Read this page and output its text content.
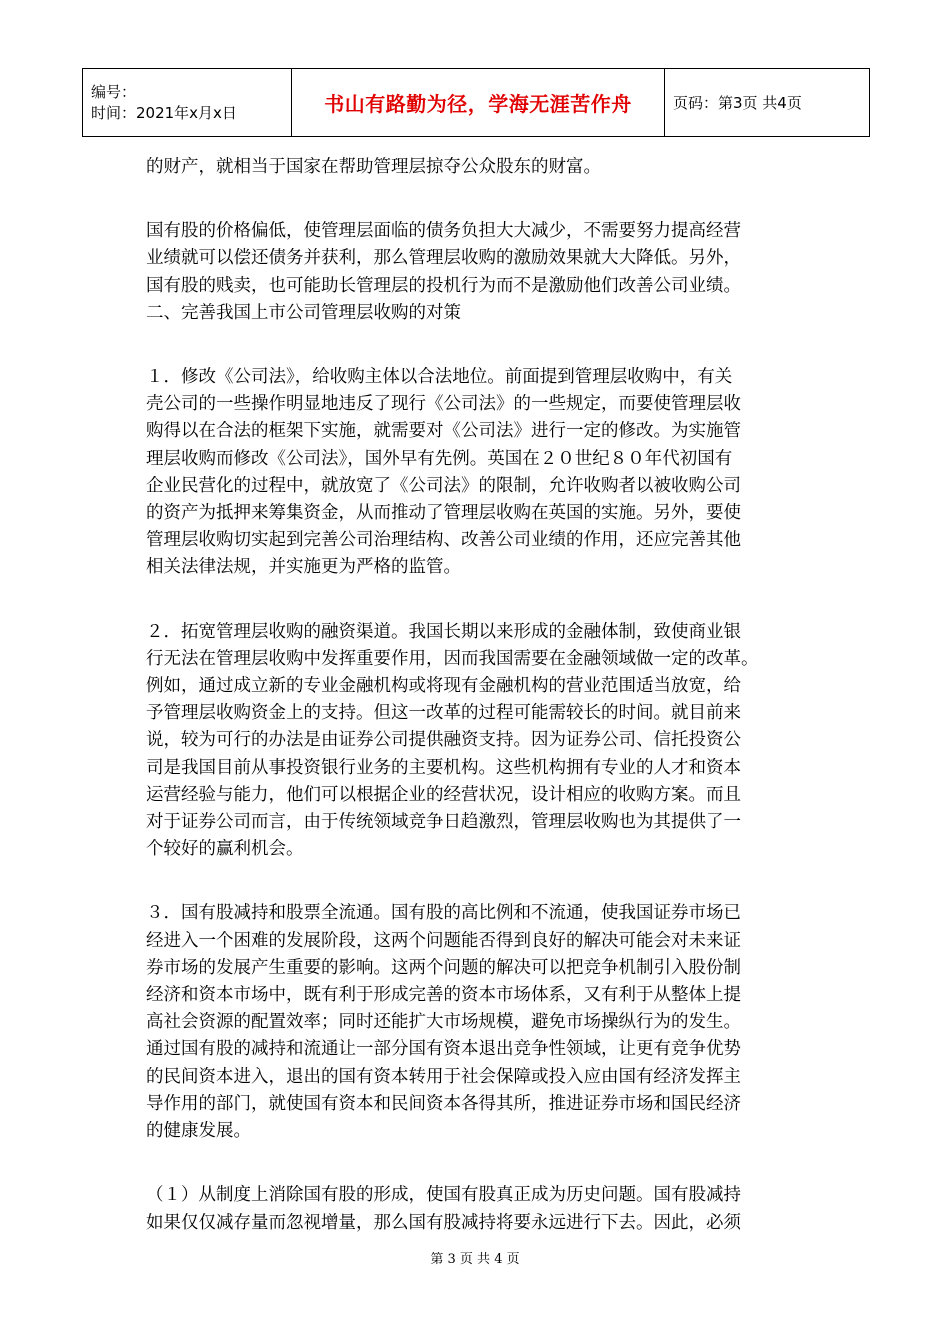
编号：
时间：2021年x月x日	书山有路勤为径，学海无涯苦作舟	页码：第3页 共4页

的财产，就相当于国家在帮助管理层掠夺公众股东的财富。

国有股的价格偏低，使管理层面临的债务负担大大减少，不需要努力提高经营
业绩就可以偿还债务并获利，那么管理层收购的激励效果就大大降低。另外，
国有股的贱卖，也可能助长管理层的投机行为而不是激励他们改善公司业绩。
二、完善我国上市公司管理层收购的对策

１．修改《公司法》，给收购主体以合法地位。前面提到管理层收购中，有关
壳公司的一些操作明显地违反了现行《公司法》的一些规定，而要使管理层收
购得以在合法的框架下实施，就需要对《公司法》进行一定的修改。为实施管
理层收购而修改《公司法》，国外早有先例。英国在２０世纪８０年代初国有
企业民营化的过程中，就放宽了《公司法》的限制，允许收购者以被收购公司
的资产为抵押来筹集资金，从而推动了管理层收购在英国的实施。另外，要使
管理层收购切实起到完善公司治理结构、改善公司业绩的作用，还应完善其他
相关法律法规，并实施更为严格的监管。

２．拓宽管理层收购的融资渠道。我国长期以来形成的金融体制，致使商业银
行无法在管理层收购中发挥重要作用，因而我国需要在金融领域做一定的改革。
例如，通过成立新的专业金融机构或将现有金融机构的营业范围适当放宽，给
予管理层收购资金上的支持。但这一改革的过程可能需较长的时间。就目前来
说，较为可行的办法是由证券公司提供融资支持。因为证券公司、信托投资公
司是我国目前从事投资银行业务的主要机构。这些机构拥有专业的人才和资本
运营经验与能力，他们可以根据企业的经营状况，设计相应的收购方案。而且
对于证券公司而言，由于传统领域竞争日趋激烈，管理层收购也为其提供了一
个较好的赢利机会。

３．国有股减持和股票全流通。国有股的高比例和不流通，使我国证券市场已
经进入一个困难的发展阶段，这两个问题能否得到良好的解决可能会对未来证
券市场的发展产生重要的影响。这两个问题的解决可以把竞争机制引入股份制
经济和资本市场中，既有利于形成完善的资本市场体系，又有利于从整体上提
高社会资源的配置效率；同时还能扩大市场规模，避免市场操纵行为的发生。
通过国有股的减持和流通让一部分国有资本退出竞争性领域，让更有竞争优势
的民间资本进入，退出的国有资本转用于社会保障或投入应由国有经济发挥主
导作用的部门，就使国有资本和民间资本各得其所，推进证券市场和国民经济
的健康发展。

（１）从制度上消除国有股的形成，使国有股真正成为历史问题。国有股减持
如果仅仅减存量而忽视增量，那么国有股减持将要永远进行下去。因此，必须

第 3 页 共 4 页
